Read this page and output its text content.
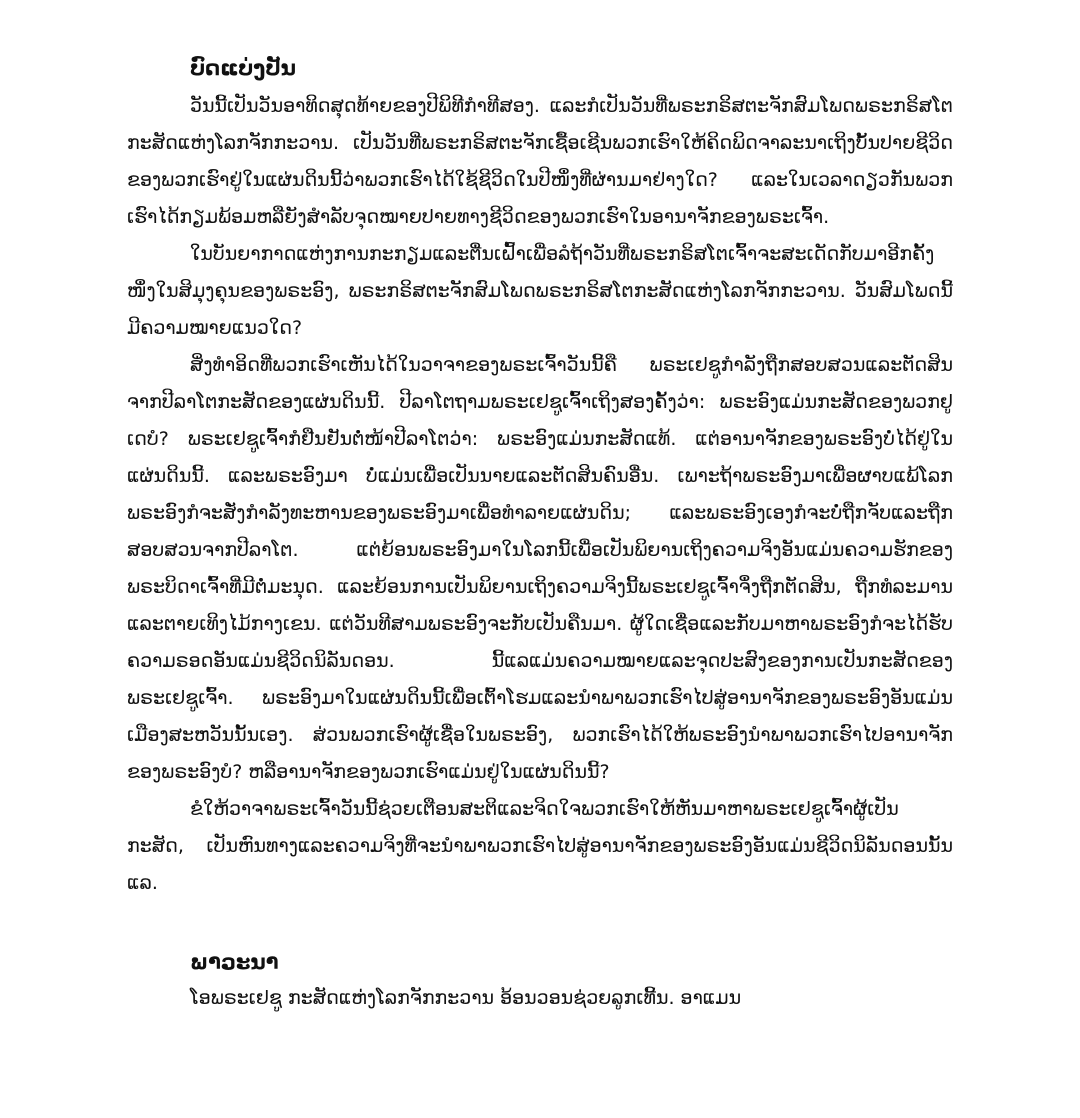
ບົດແບ່ງປັນ

ວັນນີ້ເປັນວັນອາທິດສຸດທ້າຍຂອງປີພິທີກຳທີສອງ. ແລະກໍເປັນວັນທີ່ພຣະກຣິສຕະຈັກສົມໂພດພຣະກຣິສໂຕກະສັດແຫ່ງໂລກຈັກກະວານ. ເປັນວັນທີ່ພຣະກຣິສຕະຈັກເຊື້ອເຊີນພວກເຮົາໃຫ້ຄິດພິດຈາລະນາເຖິງບັ້ນປາຍຊີວິດຂອງພວກເຮົາຢູ່ໃນແຜ່ນດິນນີ້ວ່າພວກເຮົາໄດ້ໃຊ້ຊີວິດໃນປີໜຶ່ງທີ່ຜ່ານມາຢ່າງໃດ? ແລະໃນເວລາດຽວກັນພວກເຮົາໄດ້ກຽມພ້ອມຫລືຍັງສຳລັບຈຸດໝາຍປາຍທາງຊີວິດຂອງພວກເຮົາໃນອານາຈັກຂອງພຣະເຈົ້າ.

ໃນບັນຍາກາດແຫ່ງການກະກຽມແລະຕື່ນເຝົ້າເພື່ອລໍຖ້າວັນທີ່ພຣະກຣິສໂຕເຈົ້າຈະສະເດັດກັບມາອີກຄັ້ງໜຶ່ງໃນສິມຸງຄຸນຂອງພຣະອົງ, ພຣະກຣິສຕະຈັກສົມໂພດພຣະກຣິສໂຕກະສັດແຫ່ງໂລກຈັກກະວານ. ວັນສົມໂພດນີ້ມີຄວາມໝາຍແນວໃດ?

ສິ່ງທຳອິດທີ່ພວກເຮົາເຫັນໄດ້ໃນວາຈາຂອງພຣະເຈົ້າວັນນີ້ຄື ພຣະເຢຊູກຳລັງຖືກສອບສວນແລະຕັດສິນຈາກປີລາໂຕກະສັດຂອງແຜ່ນດິນນີ້. ປີລາໂຕຖາມພຣະເຢຊູເຈົ້າເຖິງສອງຄັ້ງວ່າ: ພຣະອົງແມ່ນກະສັດຂອງພວກຢູເດບໍ? ພຣະເຢຊູເຈົ້າກໍຢືນຢັນຕໍ່ໜ້າປີລາໂຕວ່າ: ພຣະອົງແມ່ນກະສັດແທ້. ແຕ່ອານາຈັກຂອງພຣະອົງບໍ່ໄດ້ຢູ່ໃນແຜ່ນດິນນີ້. ແລະພຣະອົງມາ ບໍ່ແມ່ນເພື່ອເປັນນາຍແລະຕັດສິນຄົນອື່ນ. ເພາະຖ້າພຣະອົງມາເພື່ອຜາບແພ້ໂລກ ພຣະອົງກໍຈະສັ່ງກຳລັງທະຫານຂອງພຣະອົງມາເພື່ອທຳລາຍແຜ່ນດິນ; ແລະພຣະອົງເອງກໍຈະບໍ່ຖືກຈັບແລະຖືກສອບສວນຈາກປີລາໂຕ. ແຕ່ຍ້ອນພຣະອົງມາໃນໂລກນີ້ເພື່ອເປັນພິຍານເຖິງຄວາມຈິງອັນແມ່ນຄວາມຮັກຂອງພຣະບິດາເຈົ້າທີ່ມີຕໍ່ມະນຸດ. ແລະຍ້ອນການເປັນພິຍານເຖິງຄວາມຈິງນີ້ພຣະເຢຊູເຈົ້າຈຶ່ງຖືກຕັດສິນ, ຖືກທໍລະມານແລະຕາຍເທິງໄມ້ກາງເຂນ. ແຕ່ວັນທີສາມພຣະອົງຈະກັບເປັນຄືນມາ. ຜູ້ໃດເຊື່ອແລະກັບມາຫາພຣະອົງກໍຈະໄດ້ຮັບຄວາມຣອດອັນແມ່ນຊີວິດນິລັນດອນ. ນີ້ແລແມ່ນຄວາມໝາຍແລະຈຸດປະສົງຂອງການເປັນກະສັດຂອງພຣະເຢຊູເຈົ້າ. ພຣະອົງມາໃນແຜ່ນດິນນີ້ເພື່ອເຕົ້າໂຮມແລະນຳພາພວກເຮົາໄປສູ່ອານາຈັກຂອງພຣະອົງອັນແມ່ນເມືອງສະຫວັນນັ້ນເອງ. ສ່ວນພວກເຮົາຜູ້ເຊື່ອໃນພຣະອົງ, ພວກເຮົາໄດ້ໃຫ້ພຣະອົງນຳພາພວກເຮົາໄປອານາຈັກຂອງພຣະອົງບໍ? ຫລືອານາຈັກຂອງພວກເຮົາແມ່ນຢູ່ໃນແຜ່ນດິນນີ້?

ຂໍໃຫ້ວາຈາພຣະເຈົ້າວັນນີ້ຊ່ວຍເຕືອນສະຕິແລະຈິດໃຈພວກເຮົາໃຫ້ຫັນມາຫາພຣະເຢຊູເຈົ້າຜູ້ເປັນກະສັດ, ເປັນຫົນທາງແລະຄວາມຈິງທີ່ຈະນຳພາພວກເຮົາໄປສູ່ອານາຈັກຂອງພຣະອົງອັນແມ່ນຊີວິດນິລັນດອນນັ້ນແລ.

ພາວະນາ

ໂອພຣະເຢຊູ ກະສັດແຫ່ງໂລກຈັກກະວານ ອ້ອນວອນຊ່ວຍລູກເທີ້ນ. ອາແມນ
